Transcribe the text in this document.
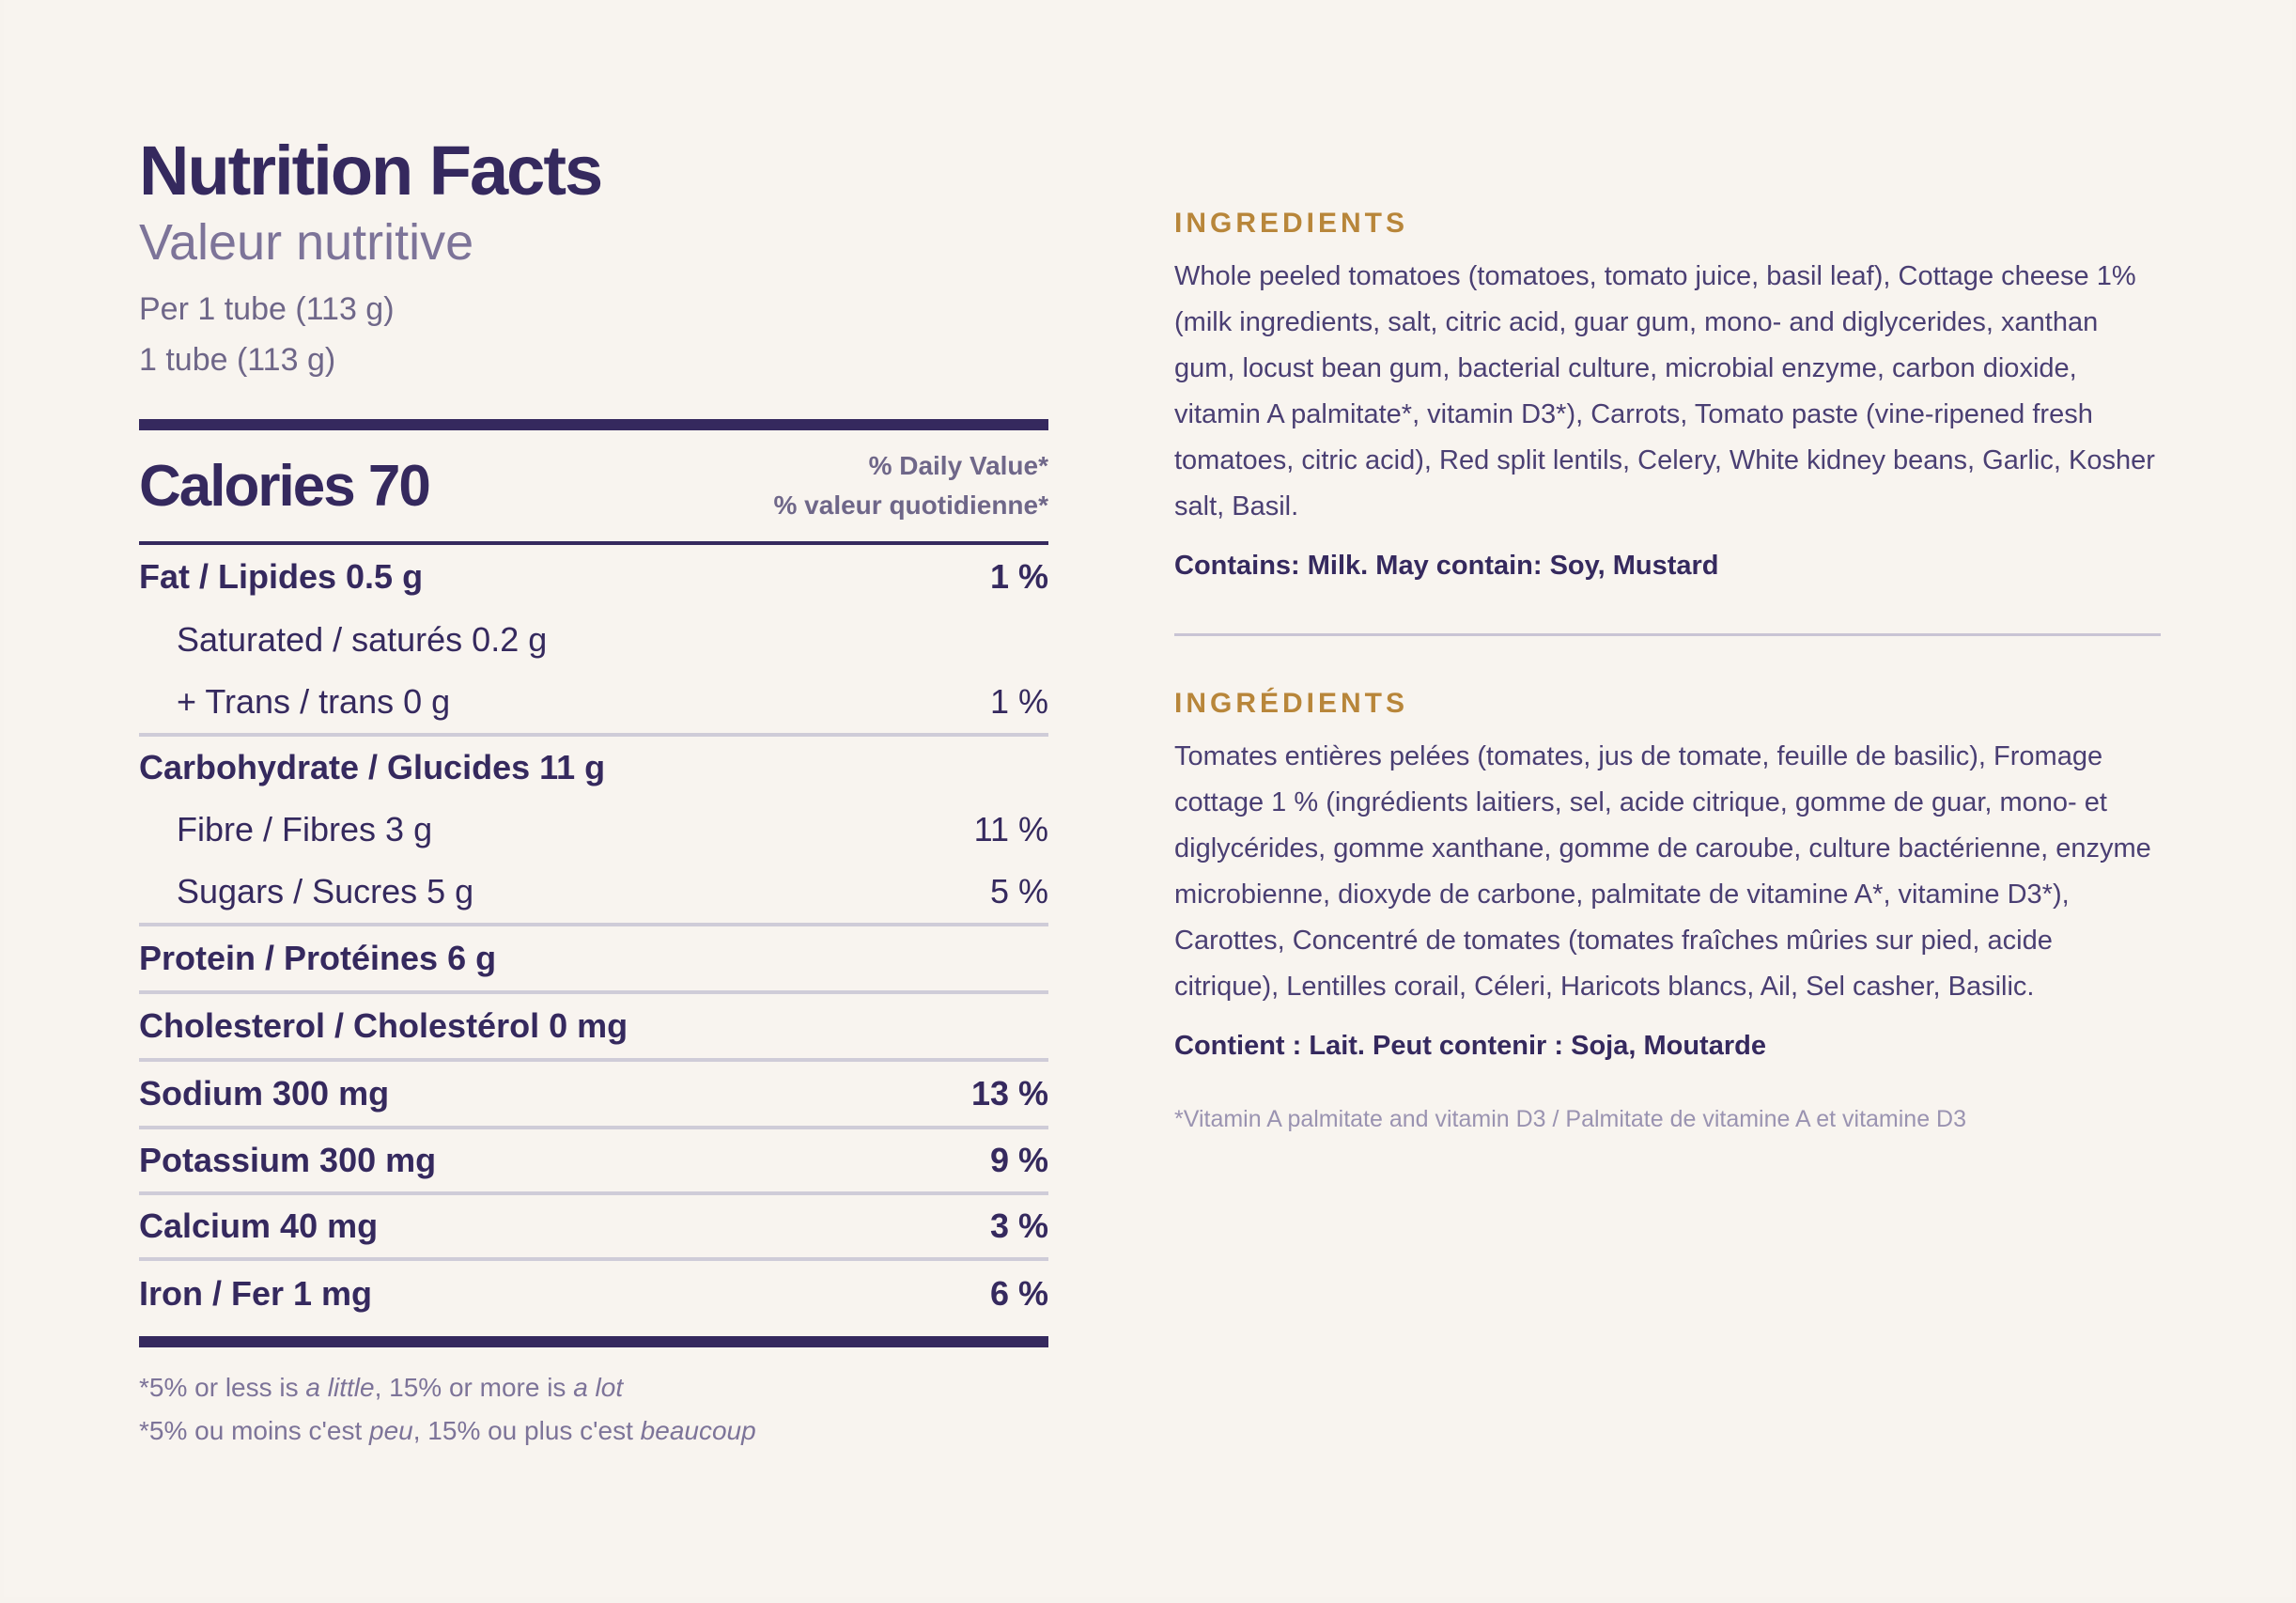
Nutrition Facts
Valeur nutritive
Per 1 tube (113 g)
1 tube (113 g)
Calories 70	% Daily Value*
% valeur quotidienne*
Fat / Lipides 0.5 g	1 %
Saturated / saturés 0.2 g
+ Trans / trans 0 g	1 %
Carbohydrate / Glucides 11 g
Fibre / Fibres 3 g	11 %
Sugars / Sucres 5 g	5 %
Protein / Protéines 6 g
Cholesterol / Cholestérol 0 mg
Sodium 300 mg	13 %
Potassium 300 mg	9 %
Calcium 40 mg	3 %
Iron / Fer 1 mg	6 %
*5% or less is a little, 15% or more is a lot
*5% ou moins c'est peu, 15% ou plus c'est beaucoup
INGREDIENTS
Whole peeled tomatoes (tomatoes, tomato juice, basil leaf), Cottage cheese 1% (milk ingredients, salt, citric acid, guar gum, mono- and diglycerides, xanthan gum, locust bean gum, bacterial culture, microbial enzyme, carbon dioxide, vitamin A palmitate*, vitamin D3*), Carrots, Tomato paste (vine-ripened fresh tomatoes, citric acid), Red split lentils, Celery, White kidney beans, Garlic, Kosher salt, Basil.
Contains: Milk. May contain: Soy, Mustard
INGRÉDIENTS
Tomates entières pelées (tomates, jus de tomate, feuille de basilic), Fromage cottage 1 % (ingrédients laitiers, sel, acide citrique, gomme de guar, mono- et diglycérides, gomme xanthane, gomme de caroube, culture bactérienne, enzyme microbienne, dioxyde de carbone, palmitate de vitamine A*, vitamine D3*), Carottes, Concentré de tomates (tomates fraîches mûries sur pied, acide citrique), Lentilles corail, Céleri, Haricots blancs, Ail, Sel casher, Basilic.
Contient : Lait. Peut contenir : Soja, Moutarde
*Vitamin A palmitate and vitamin D3 / Palmitate de vitamine A et vitamine D3
